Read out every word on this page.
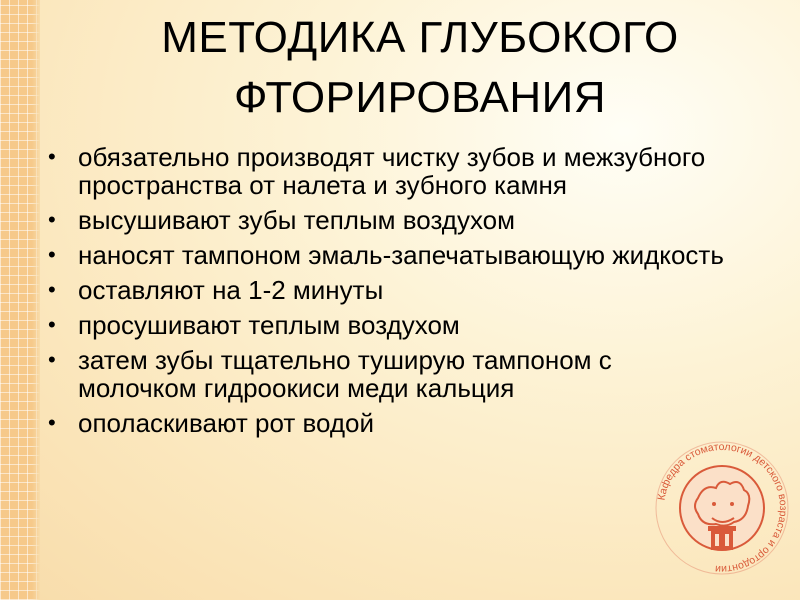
МЕТОДИКА ГЛУБОКОГО
ФТОРИРОВАНИЯ
• обязательно производят чистку зубов и межзубного пространства от налета и зубного камня
• высушивают зубы теплым воздухом
• наносят тампоном эмаль-запечатывающую жидкость
• оставляют на 1-2 минуты
• просушивают теплым воздухом
• затем зубы тщательно туширую тампоном с молочком гидроокиси меди кальция
• ополаскивают рот водой
Кафедра стоматологии детского возраста и ортодонтии
